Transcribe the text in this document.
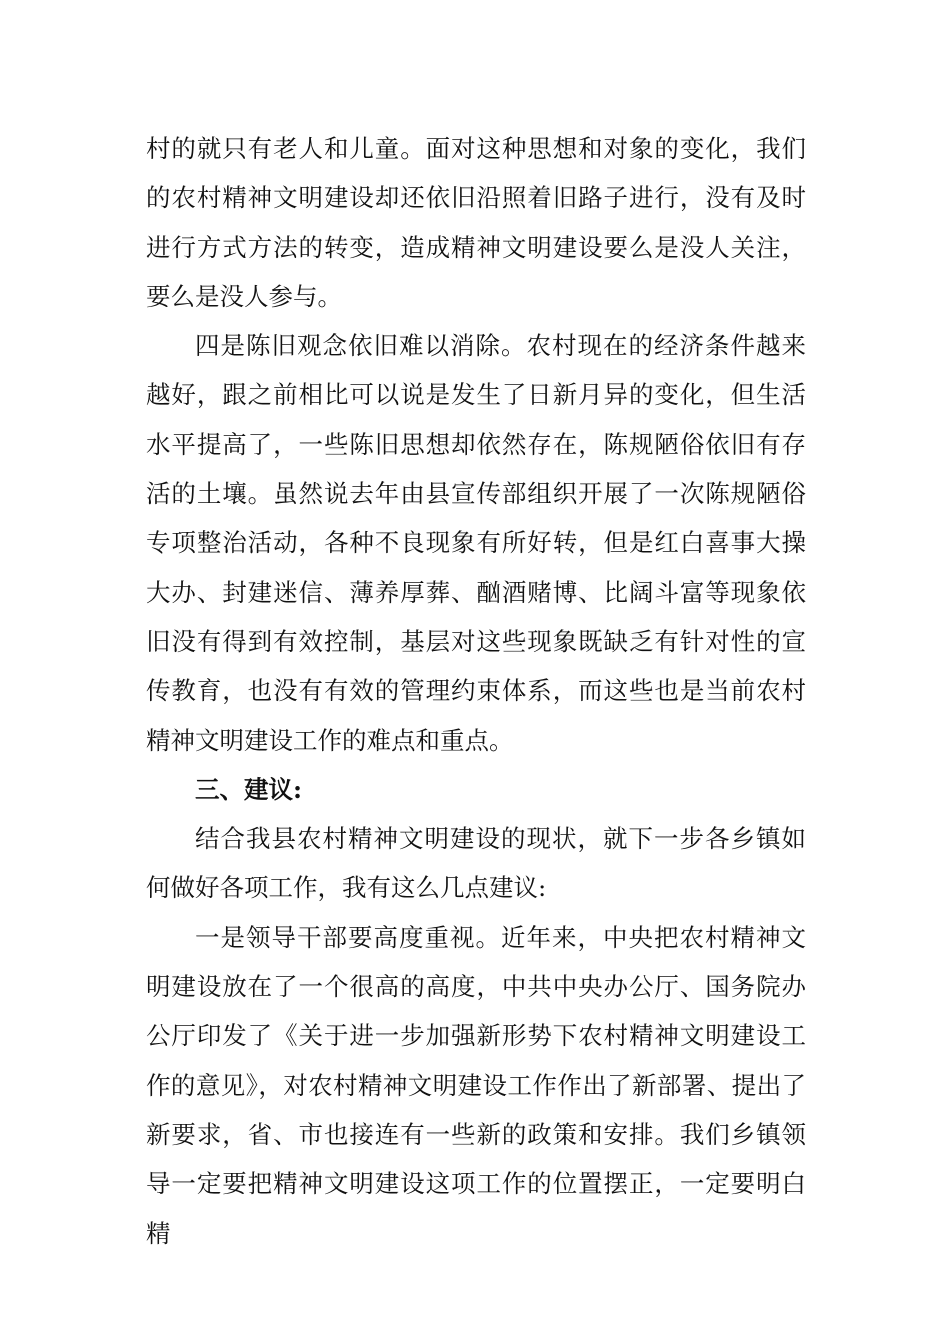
村的就只有老人和儿童。面对这种思想和对象的变化，我们的农村精神文明建设却还依旧沿照着旧路子进行，没有及时进行方式方法的转变，造成精神文明建设要么是没人关注，要么是没人参与。

四是陈旧观念依旧难以消除。农村现在的经济条件越来越好，跟之前相比可以说是发生了日新月异的变化，但生活水平提高了，一些陈旧思想却依然存在，陈规陋俗依旧有存活的土壤。虽然说去年由县宣传部组织开展了一次陈规陋俗专项整治活动，各种不良现象有所好转，但是红白喜事大操大办、封建迷信、薄养厚葬、酗酒赌博、比阔斗富等现象依旧没有得到有效控制，基层对这些现象既缺乏有针对性的宣传教育，也没有有效的管理约束体系，而这些也是当前农村精神文明建设工作的难点和重点。

三、建议:

结合我县农村精神文明建设的现状，就下一步各乡镇如何做好各项工作，我有这么几点建议:

一是领导干部要高度重视。近年来，中央把农村精神文明建设放在了一个很高的高度，中共中央办公厅、国务院办公厅印发了《关于进一步加强新形势下农村精神文明建设工作的意见》，对农村精神文明建设工作作出了新部署、提出了新要求，省、市也接连有一些新的政策和安排。我们乡镇领导一定要把精神文明建设这项工作的位置摆正，一定要明白精
